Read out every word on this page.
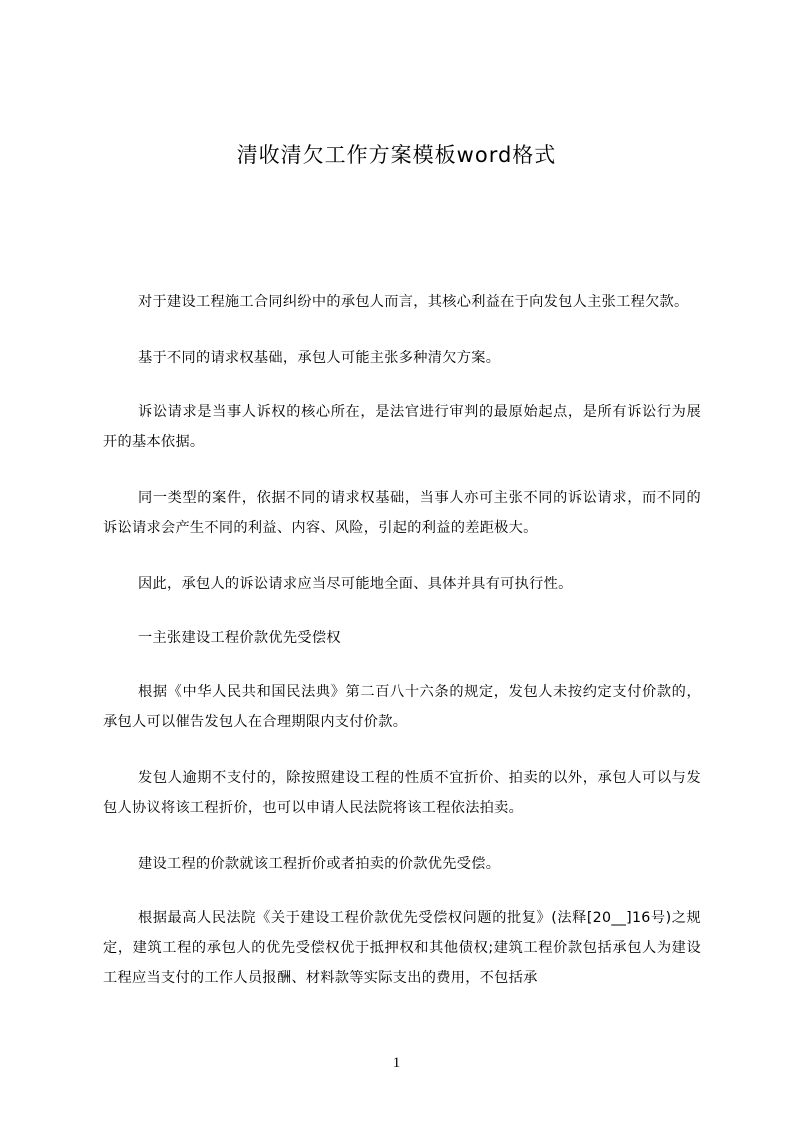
清收清欠工作方案模板word格式

对于建设工程施工合同纠纷中的承包人而言，其核心利益在于向发包人主张工程欠款。

基于不同的请求权基础，承包人可能主张多种清欠方案。

诉讼请求是当事人诉权的核心所在，是法官进行审判的最原始起点，是所有诉讼行为展开的基本依据。

同一类型的案件，依据不同的请求权基础，当事人亦可主张不同的诉讼请求，而不同的诉讼请求会产生不同的利益、内容、风险，引起的利益的差距极大。

因此，承包人的诉讼请求应当尽可能地全面、具体并具有可执行性。

一主张建设工程价款优先受偿权

根据《中华人民共和国民法典》第二百八十六条的规定，发包人未按约定支付价款的，承包人可以催告发包人在合理期限内支付价款。

发包人逾期不支付的，除按照建设工程的性质不宜折价、拍卖的以外，承包人可以与发包人协议将该工程折价，也可以申请人民法院将该工程依法拍卖。

建设工程的价款就该工程折价或者拍卖的价款优先受偿。

根据最高人民法院《关于建设工程价款优先受偿权问题的批复》(法释[20__]16号)之规定，建筑工程的承包人的优先受偿权优于抵押权和其他债权;建筑工程价款包括承包人为建设工程应当支付的工作人员报酬、材料款等实际支出的费用，不包括承

1
